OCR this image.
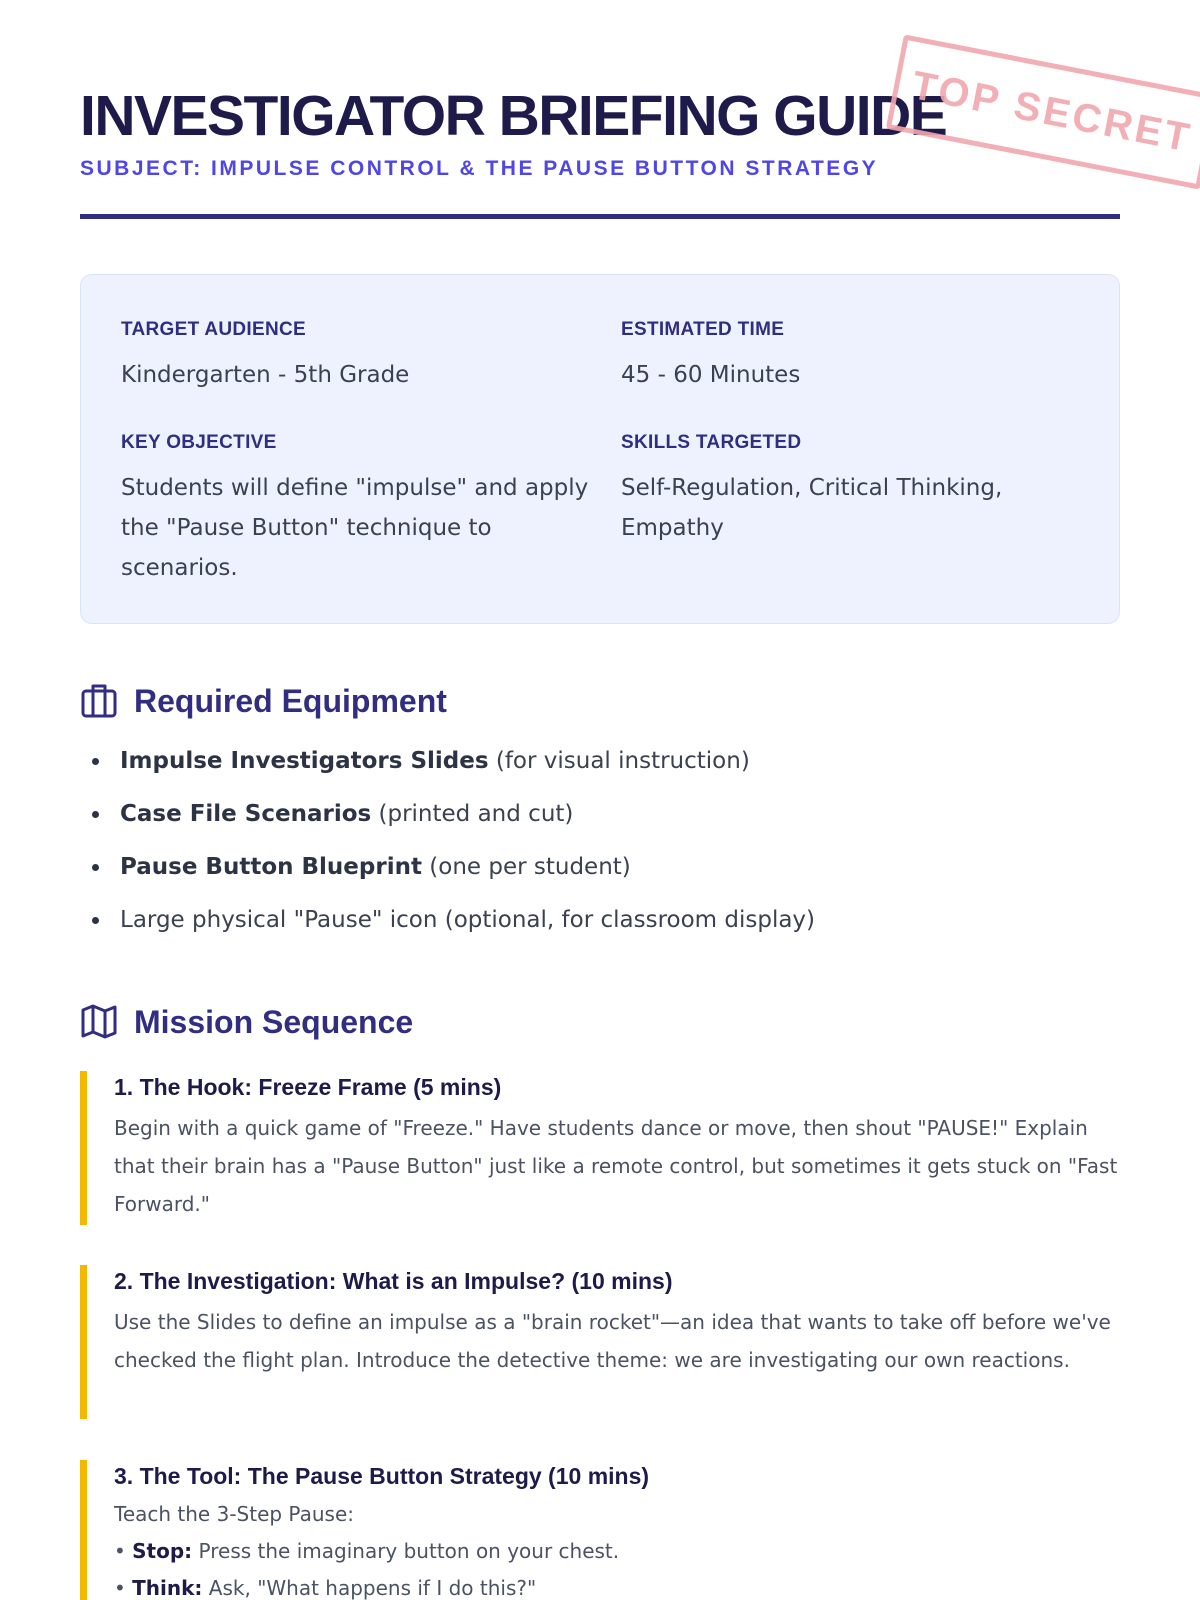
INVESTIGATOR BRIEFING GUIDE
TOP SECRET
SUBJECT: IMPULSE CONTROL & THE PAUSE BUTTON STRATEGY
TARGET AUDIENCE
Kindergarten - 5th Grade
ESTIMATED TIME
45 - 60 Minutes
KEY OBJECTIVE
Students will define "impulse" and apply the "Pause Button" technique to scenarios.
SKILLS TARGETED
Self-Regulation, Critical Thinking, Empathy
Required Equipment
Impulse Investigators Slides (for visual instruction)
Case File Scenarios (printed and cut)
Pause Button Blueprint (one per student)
Large physical "Pause" icon (optional, for classroom display)
Mission Sequence
1. The Hook: Freeze Frame (5 mins)
Begin with a quick game of "Freeze." Have students dance or move, then shout "PAUSE!" Explain that their brain has a "Pause Button" just like a remote control, but sometimes it gets stuck on "Fast Forward."
2. The Investigation: What is an Impulse? (10 mins)
Use the Slides to define an impulse as a "brain rocket"—an idea that wants to take off before we've checked the flight plan. Introduce the detective theme: we are investigating our own reactions.
3. The Tool: The Pause Button Strategy (10 mins)
Teach the 3-Step Pause:
• Stop: Press the imaginary button on your chest.
• Think: Ask, "What happens if I do this?"
